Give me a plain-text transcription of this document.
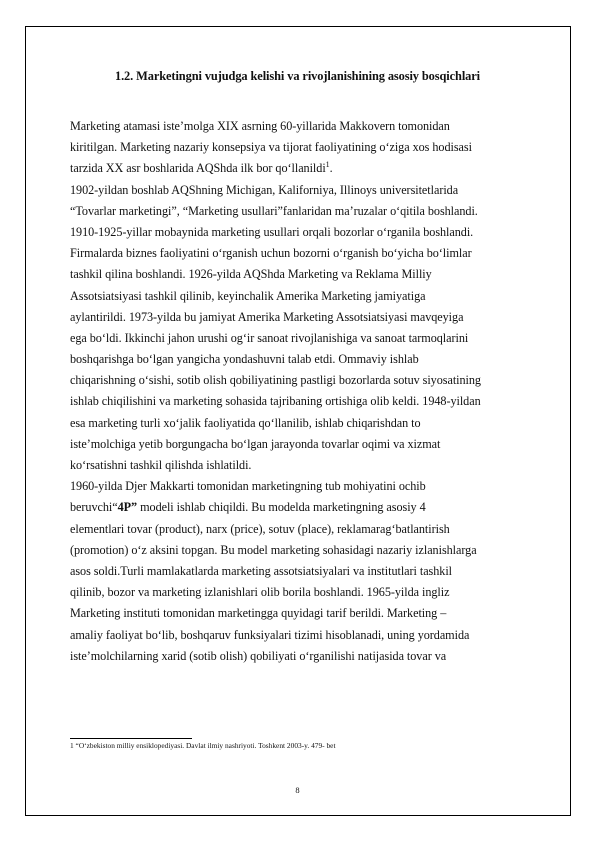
1.2. Marketingni vujudga kelishi va rivojlanishining asosiy bosqichlari
Marketing atamasi iste’molga XIX asrning 60-yillarida Makkovern tomonidan
kiritilgan. Marketing nazariy konsepsiya va tijorat faoliyatining o‘ziga xos hodisasi
tarzida XX asr boshlarida AQShda ilk bor qo‘llanildi$^1$.
1902-yildan boshlab AQShning Michigan, Kaliforniya, Illinoys universitetlarida
“Tovarlar marketingi”, “Marketing usullari”fanlaridan ma’ruzalar o‘qitila boshlandi.
1910-1925-yillar mobaynida marketing usullari orqali bozorlar o‘rganila boshlandi.
Firmalarda biznes faoliyatini o‘rganish uchun bozorni o‘rganish bo‘yicha bo‘limlar
tashkil qilina boshlandi. 1926-yilda AQShda Marketing va Reklama Milliy
Assotsiatsiyasi tashkil qilinib, keyinchalik Amerika Marketing jamiyatiga
aylantirildi. 1973-yilda bu jamiyat Amerika Marketing Assotsiatsiyasi mavqeyiga
ega bo‘ldi. Ikkinchi jahon urushi og‘ir sanoat rivojlanishiga va sanoat tarmoqlarini
boshqarishga bo‘lgan yangicha yondashuvni talab etdi. Ommaviy ishlab
chiqarishning o‘sishi, sotib olish qobiliyatining pastligi bozorlarda sotuv siyosatining
ishlab chiqilishini va marketing sohasida tajribaning ortishiga olib keldi. 1948-yildan
esa marketing turli xo‘jalik faoliyatida qo‘llanilib, ishlab chiqarishdan to
iste’molchiga yetib borgungacha bo‘lgan jarayonda tovarlar oqimi va xizmat
ko‘rsatishni tashkil qilishda ishlatildi.
1960-yilda Djer Makkarti tomonidan marketingning tub mohiyatini ochib
beruvchi“4P” modeli ishlab chiqildi. Bu modelda marketingning asosiy 4
elementlari tovar (product), narx (price), sotuv (place), reklamarag‘batlantirish
(promotion) o‘z aksini topgan. Bu model marketing sohasidagi nazariy izlanishlarga
asos soldi.Turli mamlakatlarda marketing assotsiatsiyalari va institutlari tashkil
qilinib, bozor va marketing izlanishlari olib borila boshlandi. 1965-yilda ingliz
Marketing instituti tomonidan marketingga quyidagi tarif berildi. Marketing –
amaliy faoliyat bo‘lib, boshqaruv funksiyalari tizimi hisoblanadi, uning yordamida
iste’molchilarning xarid (sotib olish) qobiliyati o‘rganilishi natijasida tovar va
1 “O‘zbekiston milliy ensiklopediyasi. Davlat ilmiy nashriyoti. Toshkent 2003-y. 479- bet
8
